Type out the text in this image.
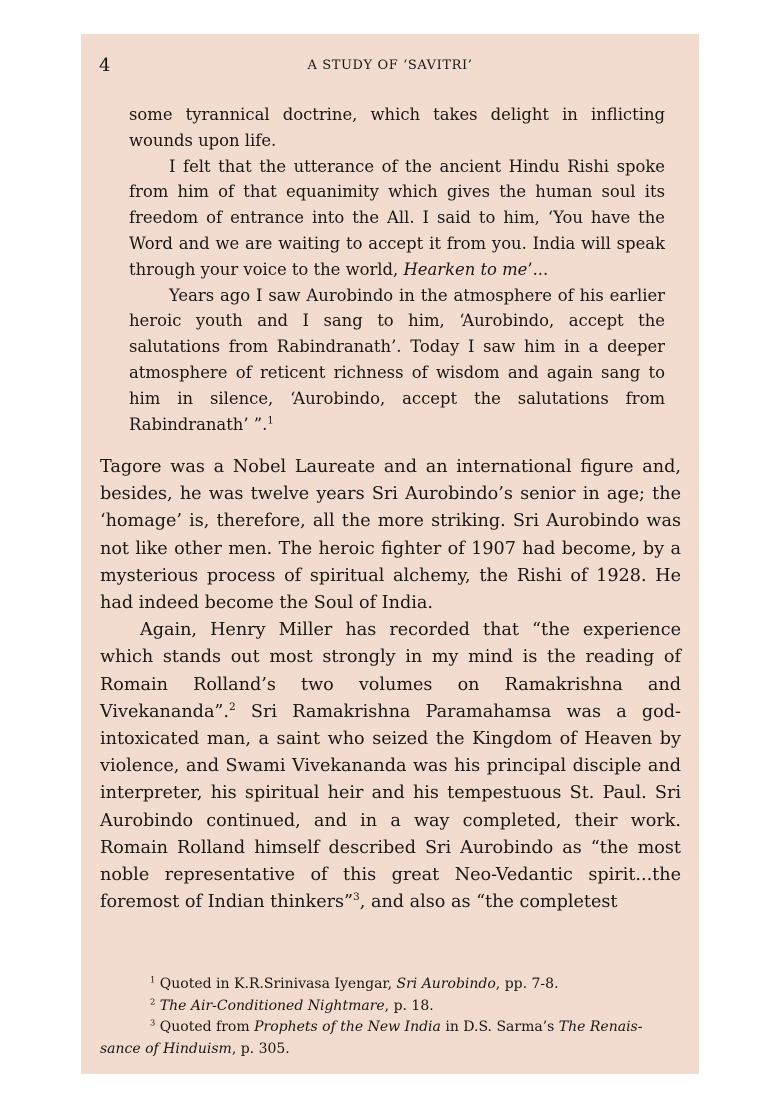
4	A STUDY OF ‘SAVITRI’

some tyrannical doctrine, which takes delight in inflicting wounds upon life.

I felt that the utterance of the ancient Hindu Rishi spoke from him of that equanimity which gives the human soul its freedom of entrance into the All. I said to him, ‘You have the Word and we are waiting to accept it from you. India will speak through your voice to the world, Hearken to me’...

Years ago I saw Aurobindo in the atmosphere of his earlier heroic youth and I sang to him, ‘Aurobindo, accept the salutations from Rabindranath’. Today I saw him in a deeper atmosphere of reticent richness of wisdom and again sang to him in silence, ‘Aurobindo, accept the salutations from Rabindranath’ ”.$^1$

Tagore was a Nobel Laureate and an international figure and, besides, he was twelve years Sri Aurobindo’s senior in age; the ‘homage’ is, therefore, all the more striking. Sri Aurobindo was not like other men. The heroic fighter of 1907 had become, by a mysterious process of spiritual alchemy, the Rishi of 1928. He had indeed become the Soul of India.

Again, Henry Miller has recorded that “the experience which stands out most strongly in my mind is the reading of Romain Rolland’s two volumes on Ramakrishna and Vivekananda”.$^2$ Sri Ramakrishna Paramahamsa was a god-intoxicated man, a saint who seized the Kingdom of Heaven by violence, and Swami Vivekananda was his principal disciple and interpreter, his spiritual heir and his tempestuous St. Paul. Sri Aurobindo continued, and in a way completed, their work. Romain Rolland himself described Sri Aurobindo as “the most noble representative of this great Neo-Vedantic spirit...the foremost of Indian thinkers”$^3$, and also as “the completest

$^1$ Quoted in K.R.Srinivasa Iyengar, Sri Aurobindo, pp. 7-8.

$^2$ The Air-Conditioned Nightmare, p. 18.

$^3$ Quoted from Prophets of the New India in D.S. Sarma’s The Renais-

sance of Hinduism, p. 305.
